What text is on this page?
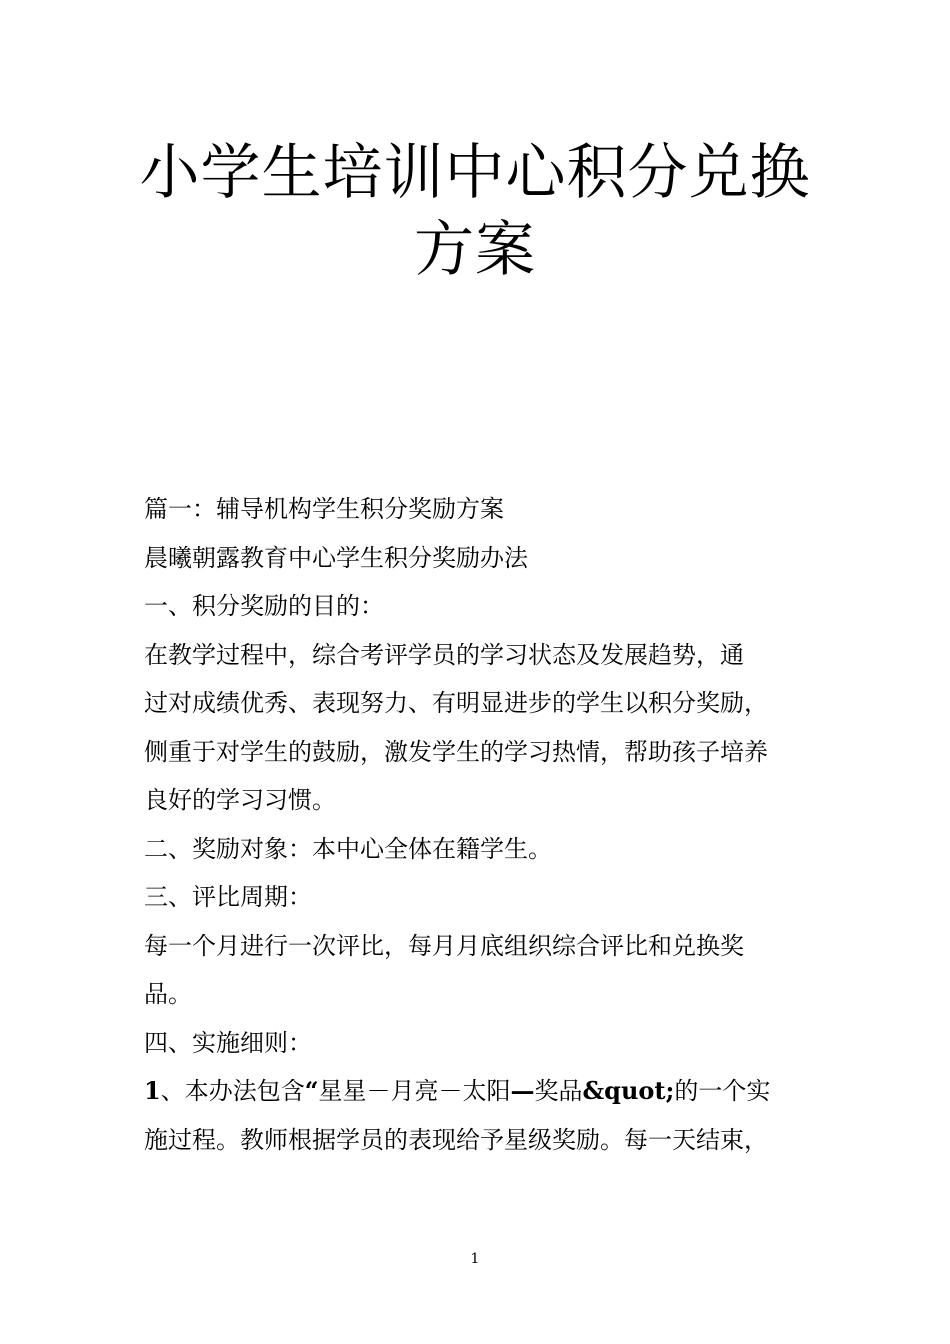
小学生培训中心积分兑换
方案
篇一：辅导机构学生积分奖励方案
晨曦朝露教育中心学生积分奖励办法
一、积分奖励的目的：
在教学过程中，综合考评学员的学习状态及发展趋势，通
过对成绩优秀、表现努力、有明显进步的学生以积分奖励，
侧重于对学生的鼓励，激发学生的学习热情，帮助孩子培养
良好的学习习惯。
二、奖励对象：本中心全体在籍学生。
三、评比周期：
每一个月进行一次评比，每月月底组织综合评比和兑换奖
品。
四、实施细则：
1、本办法包含“星星－月亮－太阳—奖品&quot;的一个实
施过程。教师根据学员的表现给予星级奖励。每一天结束，
1
